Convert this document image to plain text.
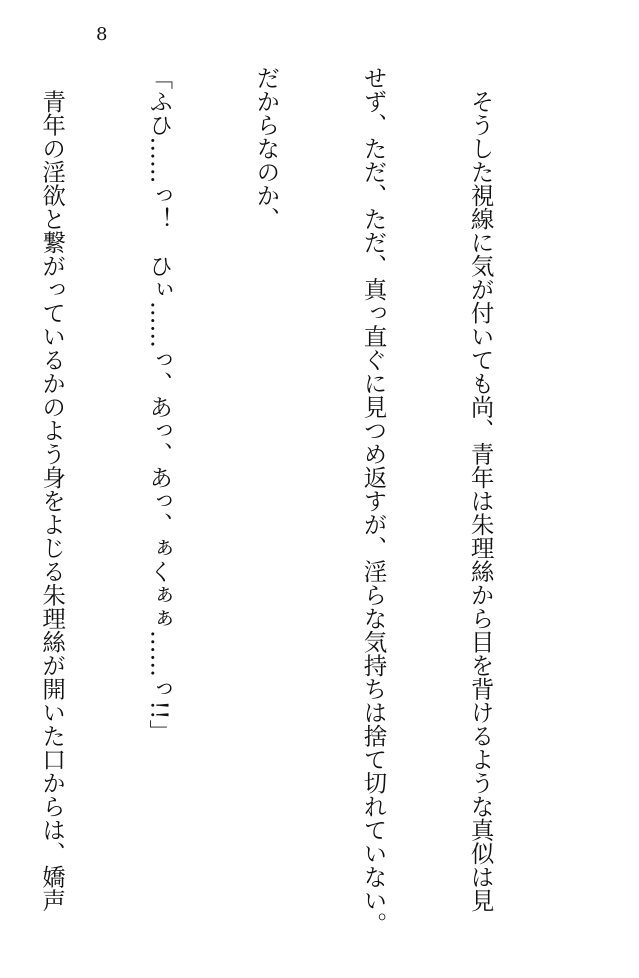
8

　そうした視線に気が付いても尚、青年は朱理絲から目を背けるような真似は見

せず、ただ、ただ、真っ直ぐに見つめ返すが、淫らな気持ちは捨て切れていない。

だからなのか、

「ふひ……っ！　ひぃ……っ、あっ、あっ、ぁくぁぁ……っ!!」

　青年の淫欲と繋がっているかのよう身をよじる朱理絲が開いた口からは、嬌声
